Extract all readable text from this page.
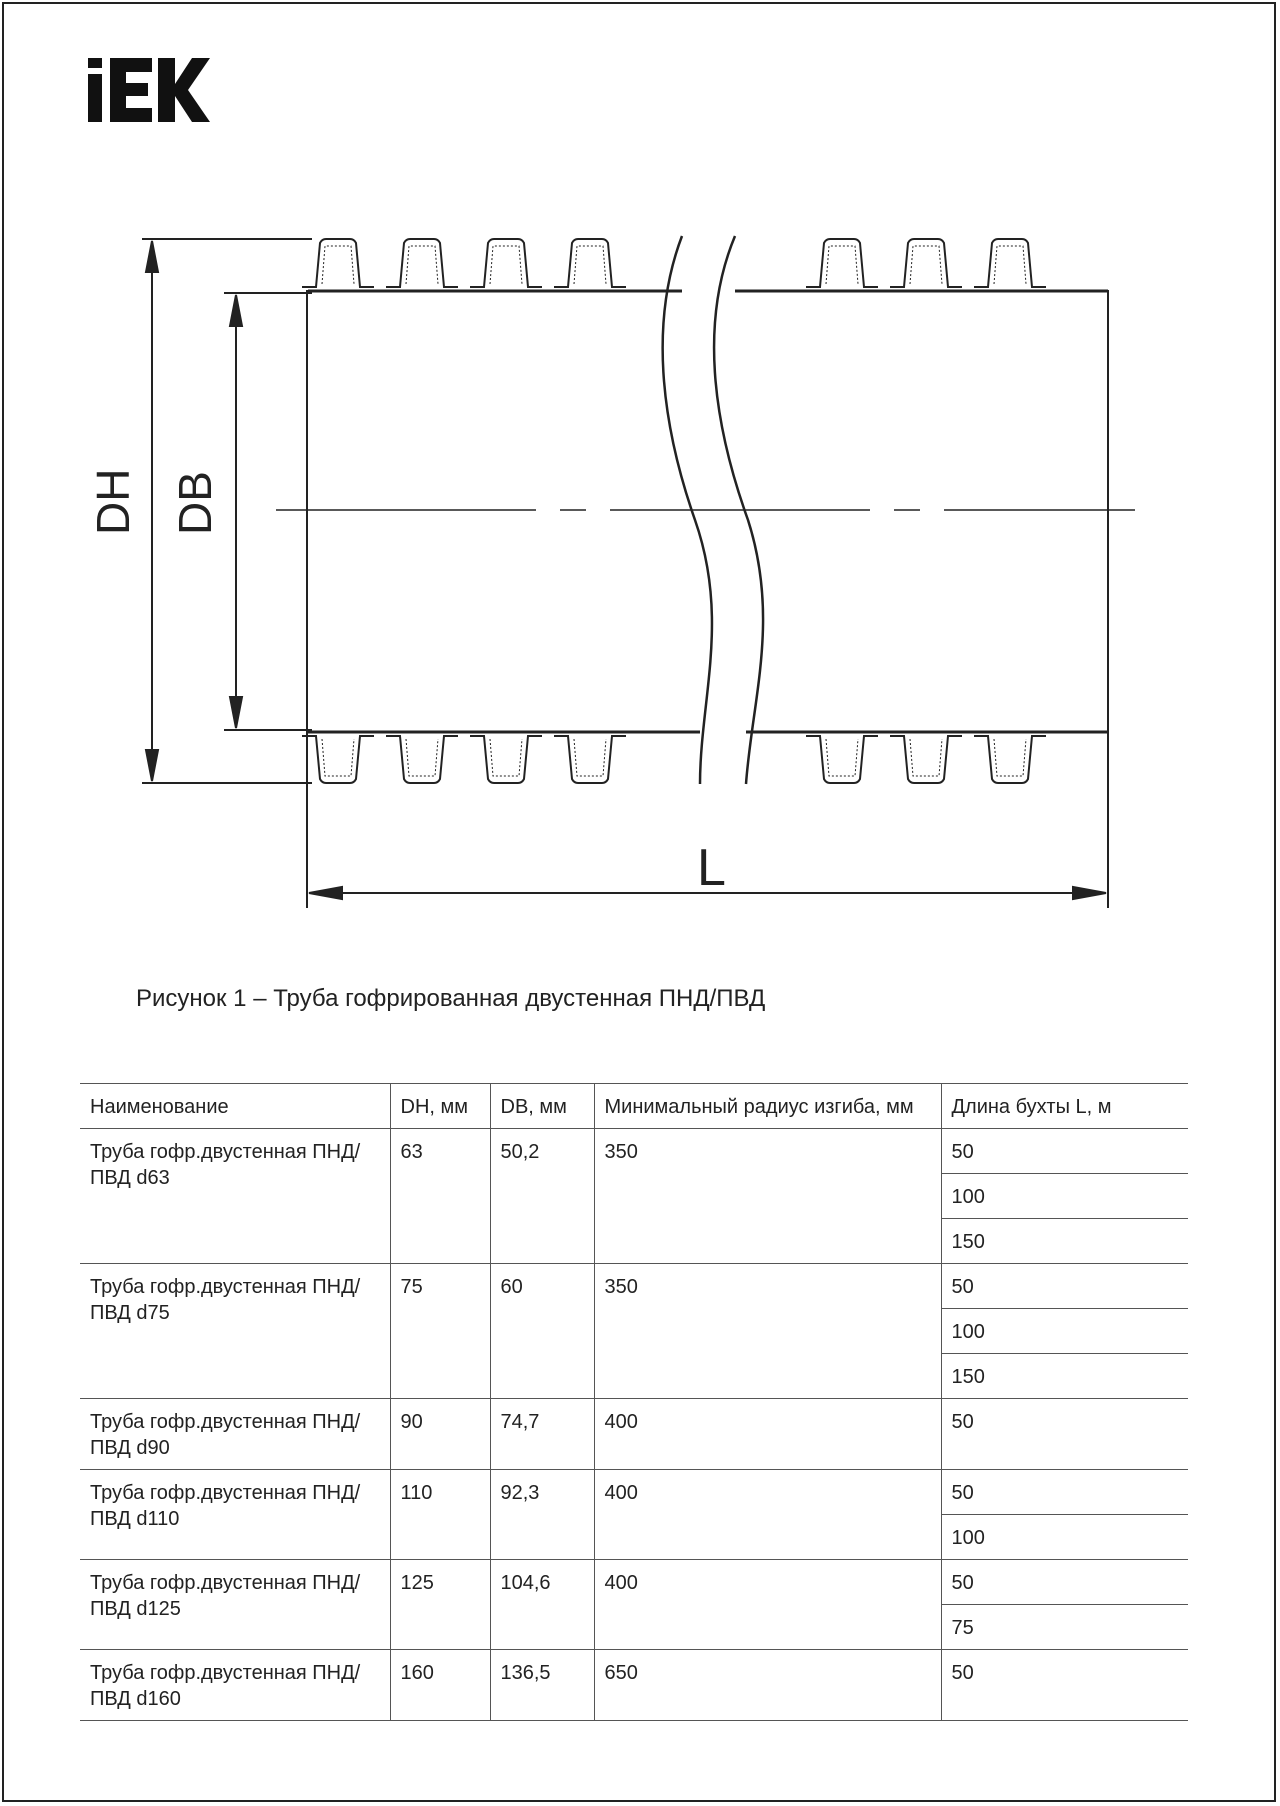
DH DB
L
Рисунок 1 – Труба гофрированная двустенная ПНД/ПВД
Наименование	DH, мм	DB, мм	Минимальный радиус изгиба, мм	Длина бухты L, м
Труба гофр.двустенная ПНД/ ПВД d63	63	50,2	350	50
				100
				150
Труба гофр.двустенная ПНД/ ПВД d75	75	60	350	50
				100
				150
Труба гофр.двустенная ПНД/ ПВД d90	90	74,7	400	50
Труба гофр.двустенная ПНД/ ПВД d110	110	92,3	400	50
				100
Труба гофр.двустенная ПНД/ ПВД d125	125	104,6	400	50
				75
Труба гофр.двустенная ПНД/ ПВД d160	160	136,5	650	50
